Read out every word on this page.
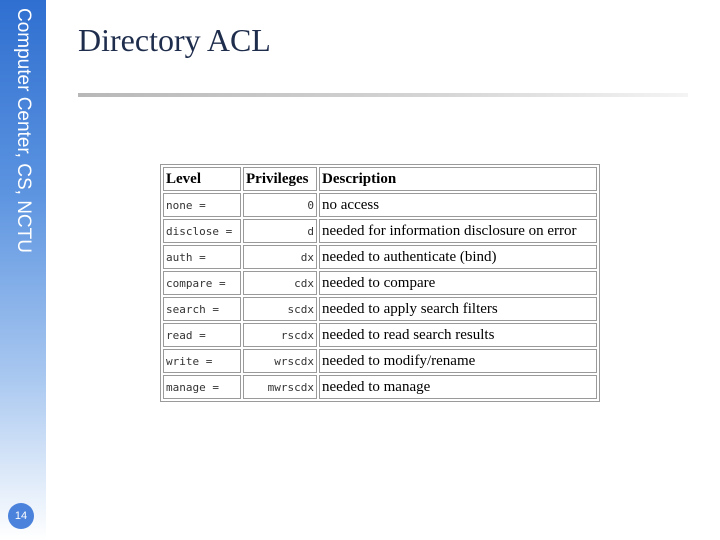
Computer Center, CS, NCTU
14
Directory ACL
Level	Privileges	Description
none =	0	no access
disclose =	d	needed for information disclosure on error
auth =	dx	needed to authenticate (bind)
compare =	cdx	needed to compare
search =	scdx	needed to apply search filters
read =	rscdx	needed to read search results
write =	wrscdx	needed to modify/rename
manage =	mwrscdx	needed to manage
